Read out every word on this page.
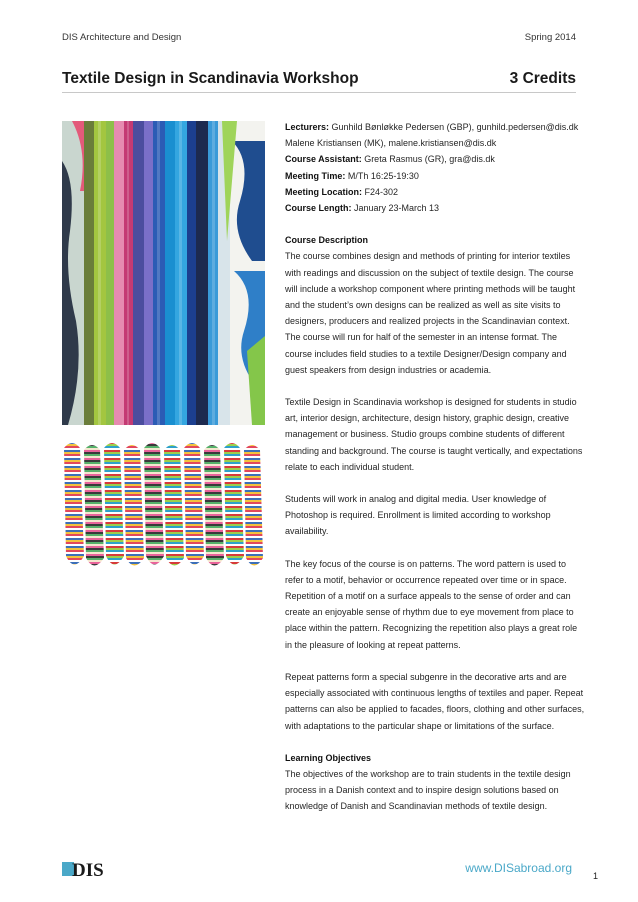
DIS Architecture and Design	Spring 2014
Textile Design in Scandinavia Workshop	3 Credits

Lecturers: Gunhild Bønløkke Pedersen (GBP), gunhild.pedersen@dis.dk

Malene Kristiansen (MK), malene.kristiansen@dis.dk

Course Assistant: Greta Rasmus (GR), gra@dis.dk

Meeting Time: M/Th 16:25-19:30

Meeting Location: F24-302

Course Length: January 23-March 13

Course Description

The course combines design and methods of printing for interior textiles with readings and discussion on the subject of textile design. The course will include a workshop component where printing methods will be taught and the student’s own designs can be realized as well as site visits to designers, producers and realized projects in the Scandinavian context. The course will run for half of the semester in an intense format. The course includes field studies to a textile Designer/Design company and guest speakers from design industries or academia.

Textile Design in Scandinavia workshop is designed for students in studio art, interior design, architecture, design history, graphic design, creative management or business. Studio groups combine students of different standing and background. The course is taught vertically, and expectations relate to each individual student.

Students will work in analog and digital media. User knowledge of Photoshop is required. Enrollment is limited according to workshop availability.

The key focus of the course is on patterns. The word pattern is used to refer to a motif, behavior or occurrence repeated over time or in space. Repetition of a motif on a surface appeals to the sense of order and can create an enjoyable sense of rhythm due to eye movement from place to place within the pattern. Recognizing the repetition also plays a great role in the pleasure of looking at repeat patterns.

Repeat patterns form a special subgenre in the decorative arts and are especially associated with continuous lengths of textiles and paper. Repeat patterns can also be applied to facades, floors, clothing and other surfaces, with adaptations to the particular shape or limitations of the surface.

Learning Objectives

The objectives of the workshop are to train students in the textile design process in a Danish context and to inspire design solutions based on knowledge of Danish and Scandinavian methods of textile design.

DIS	www.DISabroad.org
1
